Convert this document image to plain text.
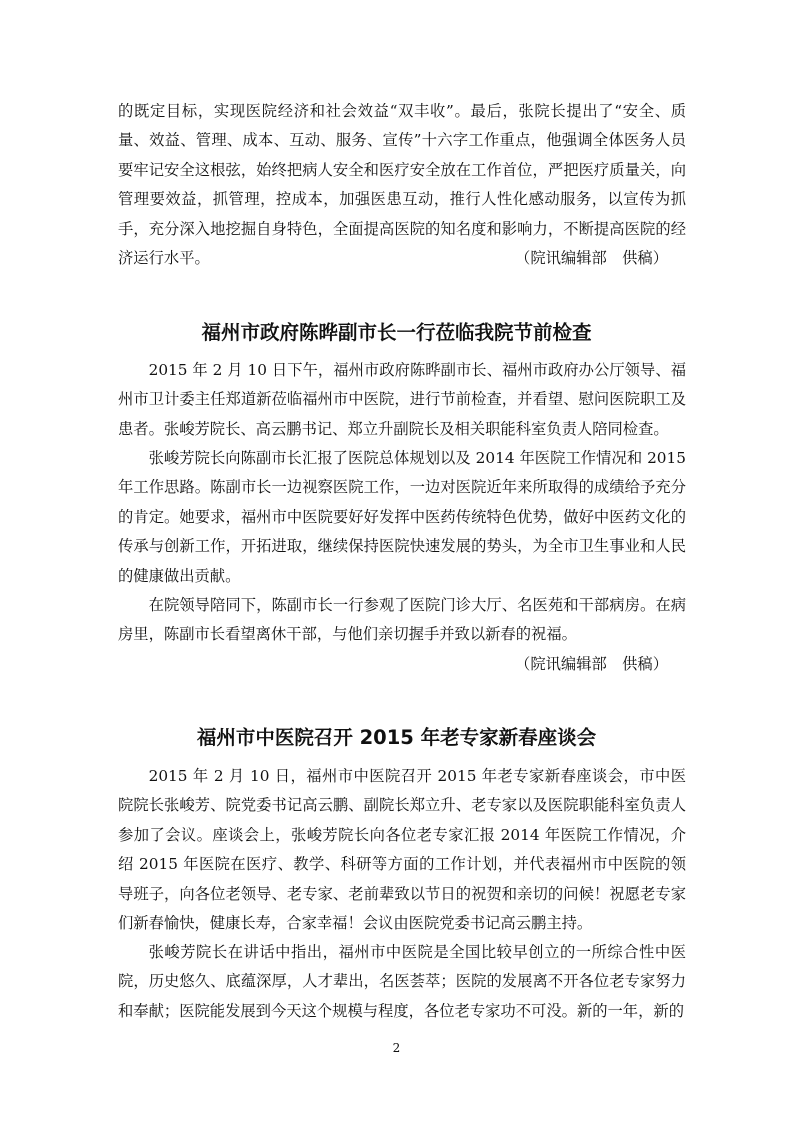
的既定目标，实现医院经济和社会效益“双丰收”。最后，张院长提出了“安全、质量、效益、管理、成本、互动、服务、宣传”十六字工作重点，他强调全体医务人员要牢记安全这根弦，始终把病人安全和医疗安全放在工作首位，严把医疗质量关，向管理要效益，抓管理，控成本，加强医患互动，推行人性化感动服务，以宣传为抓手，充分深入地挖掘自身特色，全面提高医院的知名度和影响力，不断提高医院的经济运行水平。	（院讯编辑部　供稿）

福州市政府陈晔副市长一行莅临我院节前检查

2015 年 2 月 10 日下午，福州市政府陈晔副市长、福州市政府办公厅领导、福州市卫计委主任郑道新莅临福州市中医院，进行节前检查，并看望、慰问医院职工及患者。张峻芳院长、高云鹏书记、郑立升副院长及相关职能科室负责人陪同检查。

张峻芳院长向陈副市长汇报了医院总体规划以及 2014 年医院工作情况和 2015 年工作思路。陈副市长一边视察医院工作，一边对医院近年来所取得的成绩给予充分的肯定。她要求，福州市中医院要好好发挥中医药传统特色优势，做好中医药文化的传承与创新工作，开拓进取，继续保持医院快速发展的势头，为全市卫生事业和人民的健康做出贡献。

在院领导陪同下，陈副市长一行参观了医院门诊大厅、名医苑和干部病房。在病房里，陈副市长看望离休干部，与他们亲切握手并致以新春的祝福。

（院讯编辑部　供稿）

福州市中医院召开 2015 年老专家新春座谈会

2015 年 2 月 10 日，福州市中医院召开 2015 年老专家新春座谈会，市中医院院长张峻芳、院党委书记高云鹏、副院长郑立升、老专家以及医院职能科室负责人参加了会议。座谈会上，张峻芳院长向各位老专家汇报 2014 年医院工作情况，介绍 2015 年医院在医疗、教学、科研等方面的工作计划，并代表福州市中医院的领导班子，向各位老领导、老专家、老前辈致以节日的祝贺和亲切的问候！祝愿老专家们新春愉快，健康长寿，合家幸福！会议由医院党委书记高云鹏主持。

张峻芳院长在讲话中指出，福州市中医院是全国比较早创立的一所综合性中医院，历史悠久、底蕴深厚，人才辈出，名医荟萃；医院的发展离不开各位老专家努力和奉献；医院能发展到今天这个规模与程度，各位老专家功不可没。新的一年，新的

2
